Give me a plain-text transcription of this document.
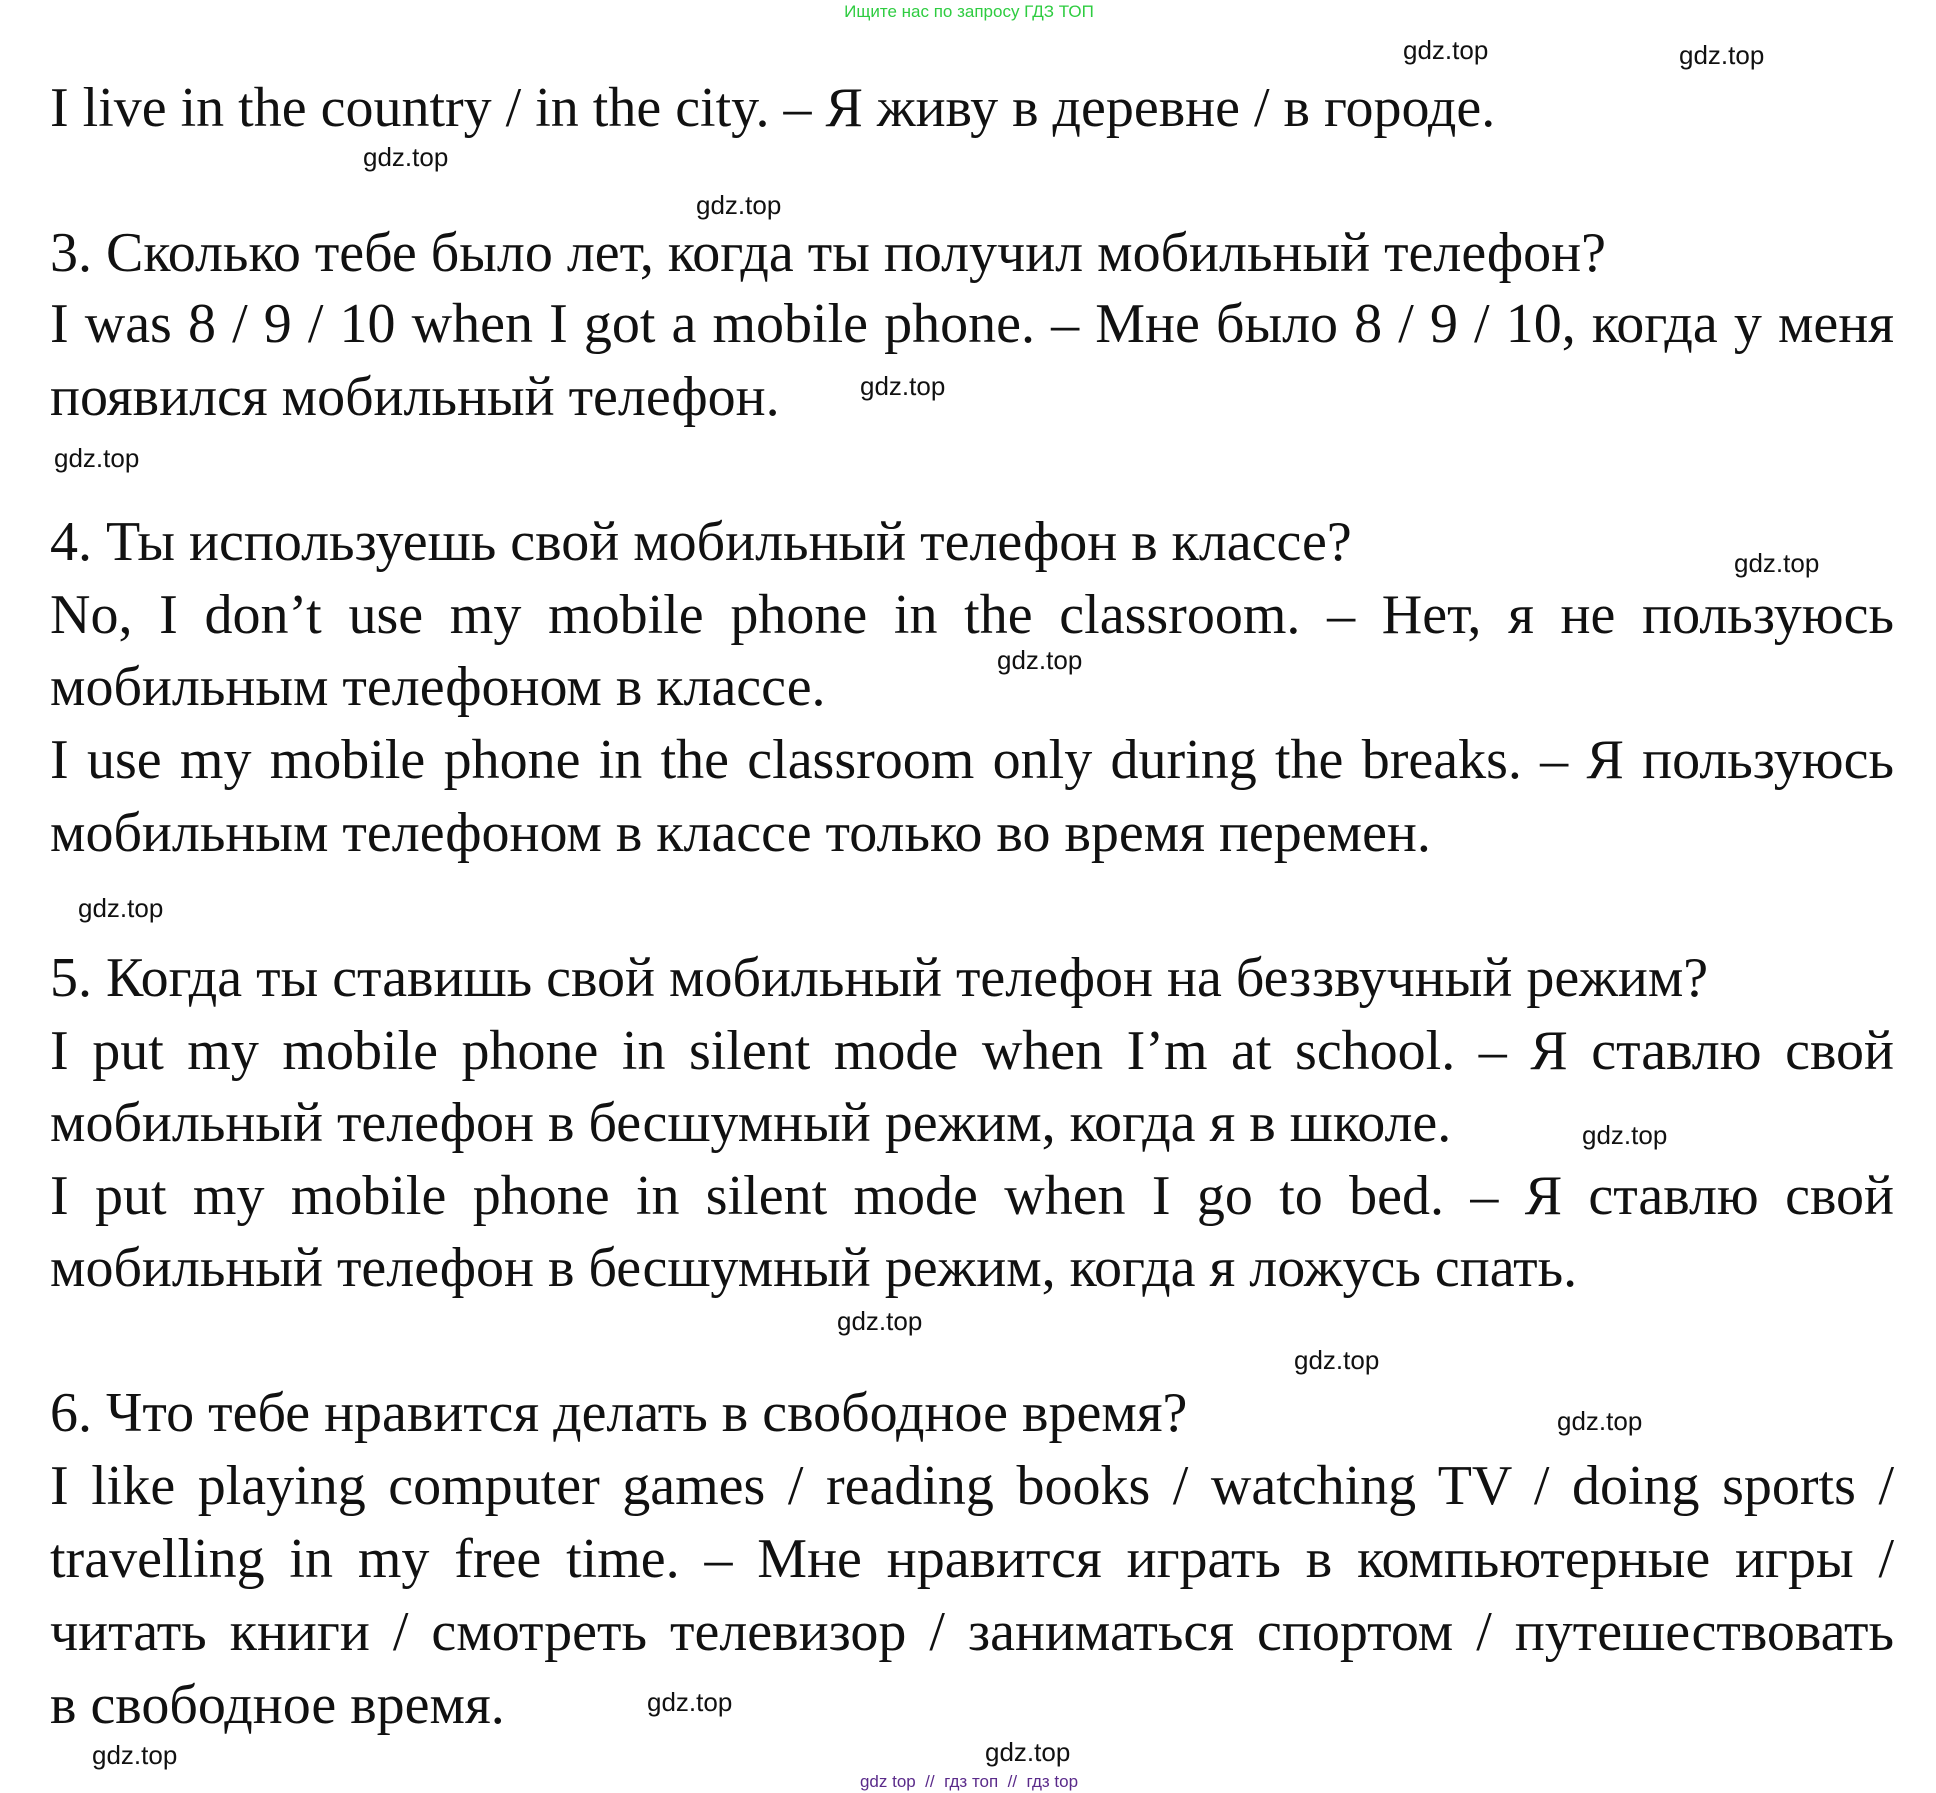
Ищите нас по запросу ГДЗ ТОП
I live in the country / in the city. – Я живу в деревне / в городе.
3. Сколько тебе было лет, когда ты получил мобильный телефон?
I was 8 / 9 / 10 when I got a mobile phone. – Мне было 8 / 9 / 10, когда у меня
появился мобильный телефон.
4. Ты используешь свой мобильный телефон в классе?
No, I don’t use my mobile phone in the classroom. – Нет, я не пользуюсь
мобильным телефоном в классе.
I use my mobile phone in the classroom only during the breaks. – Я пользуюсь
мобильным телефоном в классе только во время перемен.
5. Когда ты ставишь свой мобильный телефон на беззвучный режим?
I put my mobile phone in silent mode when I’m at school. – Я ставлю свой
мобильный телефон в бесшумный режим, когда я в школе.
I put my mobile phone in silent mode when I go to bed. – Я ставлю свой
мобильный телефон в бесшумный режим, когда я ложусь спать.
6. Что тебе нравится делать в свободное время?
I like playing computer games / reading books / watching TV / doing sports /
travelling in my free time. – Мне нравится играть в компьютерные игры /
читать книги / смотреть телевизор / заниматься спортом / путешествовать
в свободное время.
gdz.top	gdz.top
gdz.top
gdz.top
gdz.top
gdz.top
gdz.top
gdz.top
gdz.top
gdz.top
gdz.top
gdz.top
gdz.top
gdz.top
gdz.top
gdz.top
gdz top  //  гдз топ  //  гдз top
